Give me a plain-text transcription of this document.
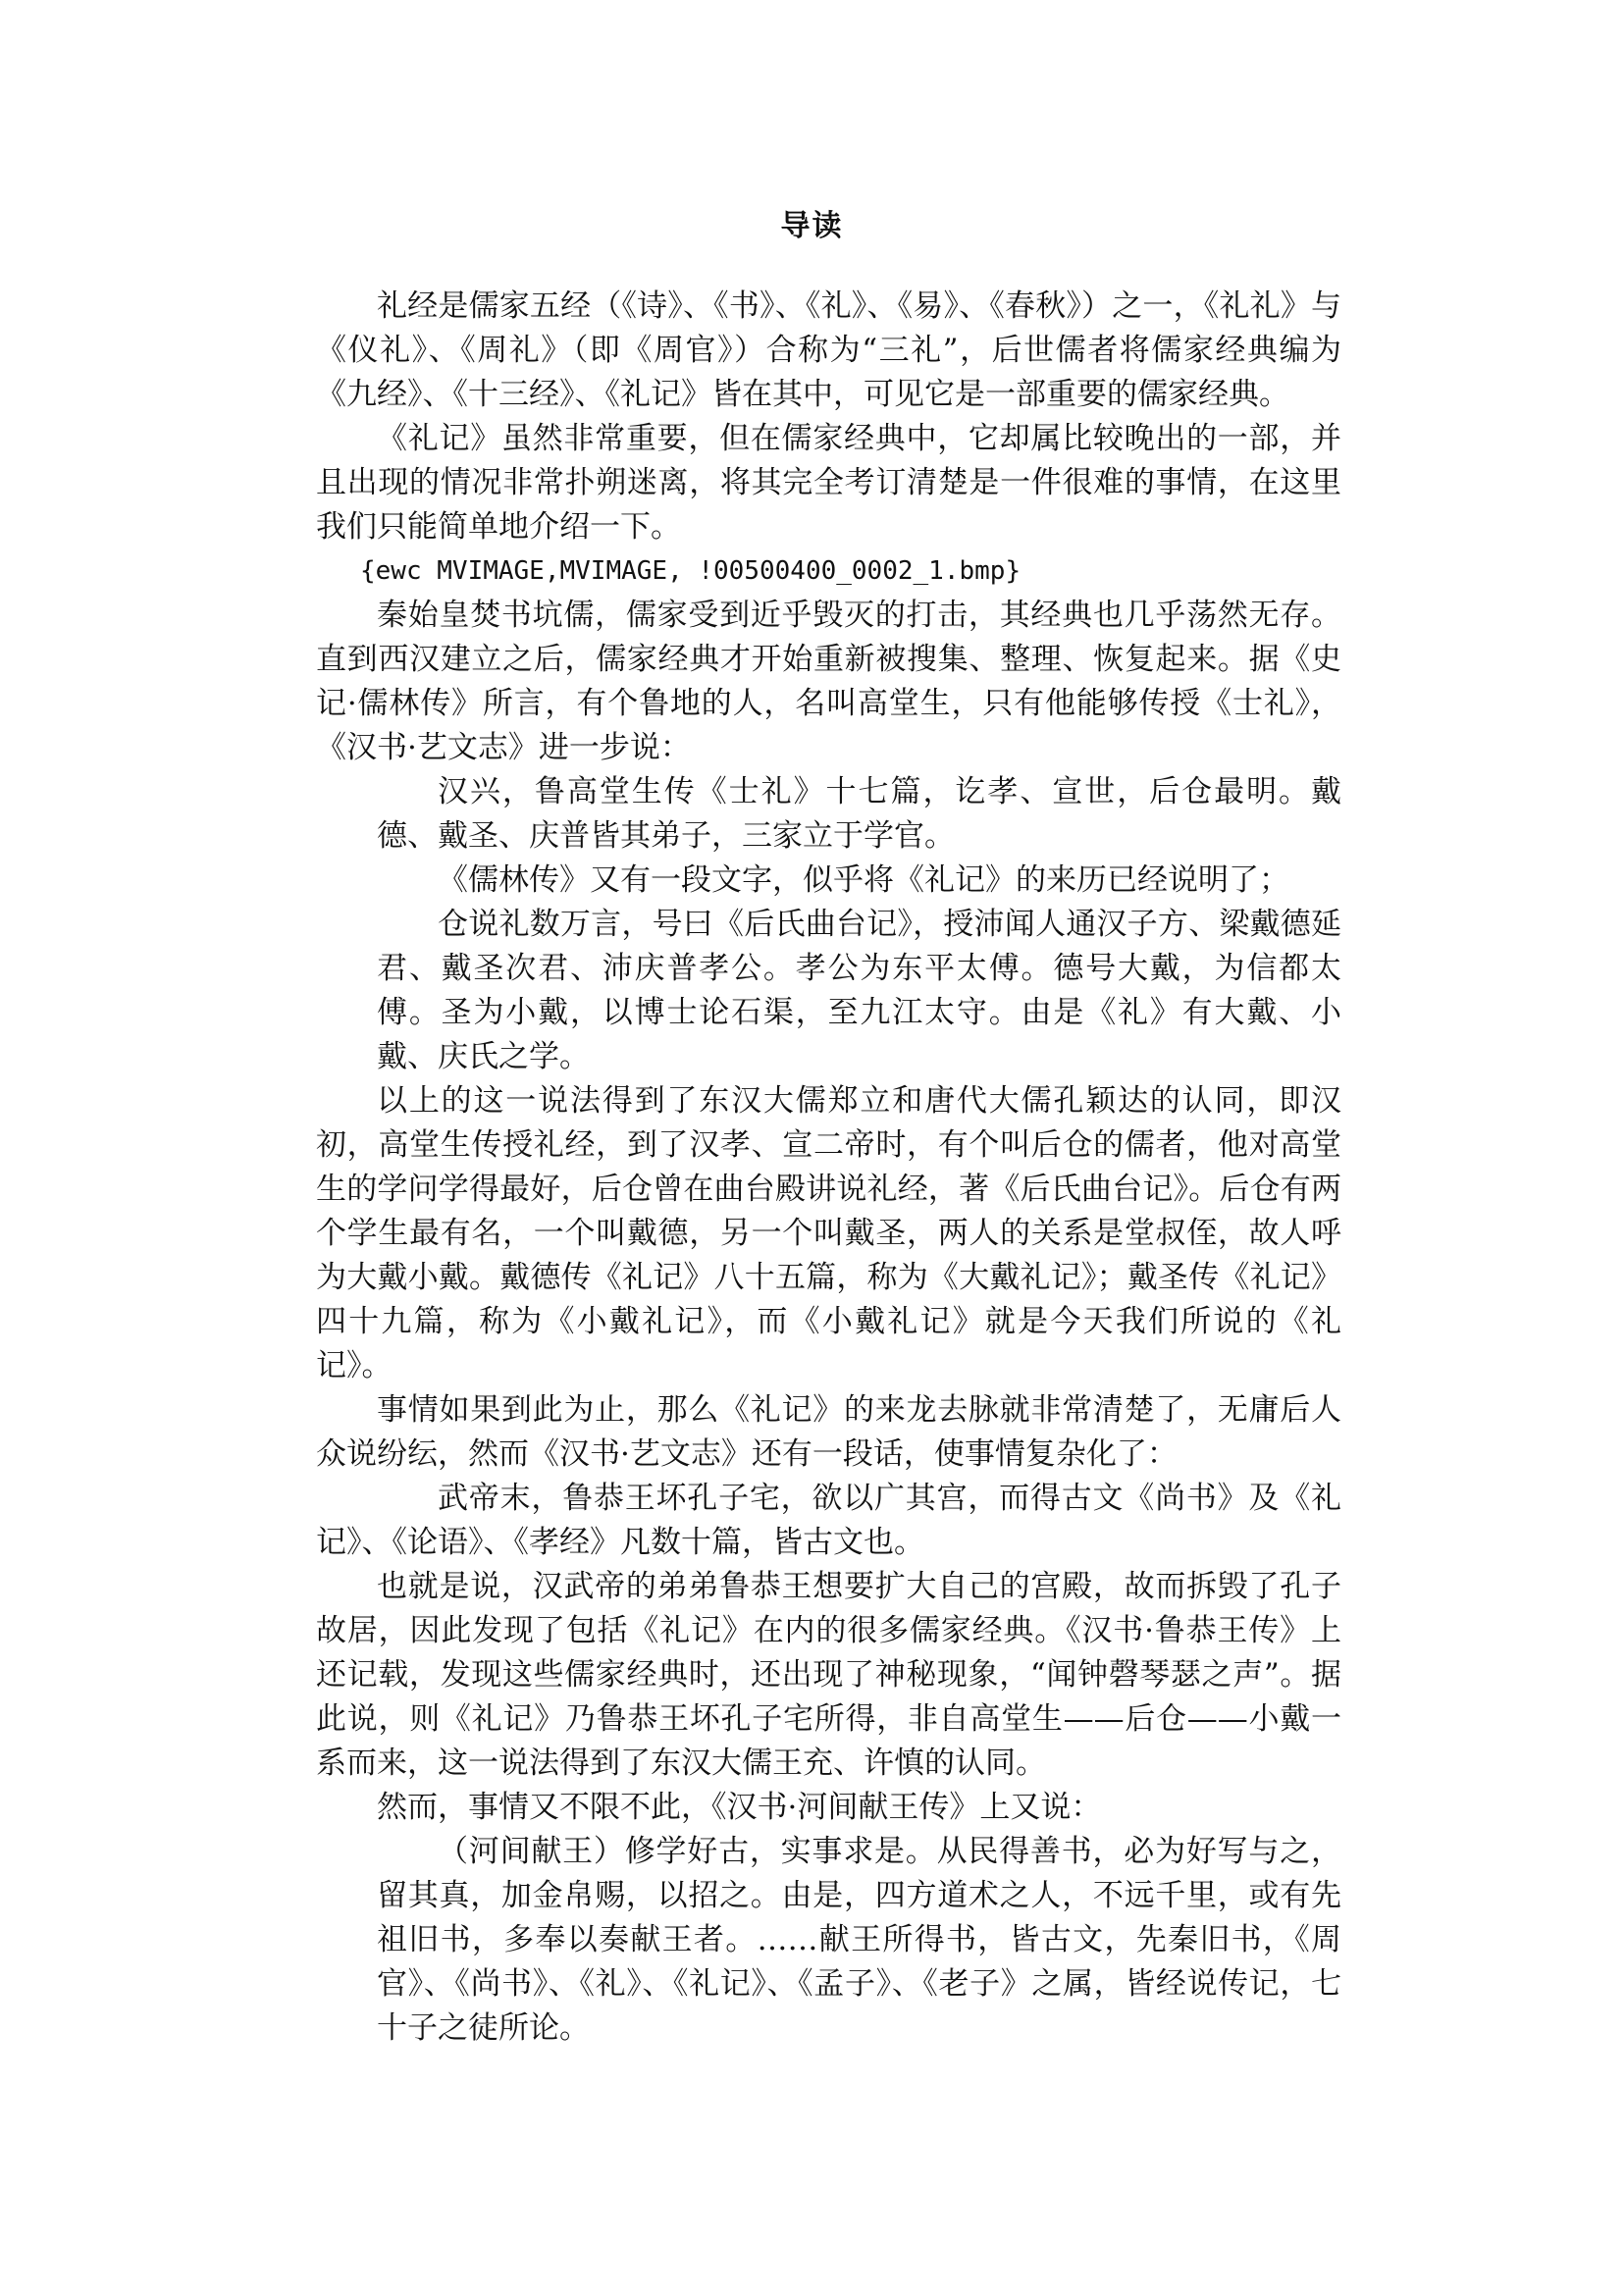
导读

礼经是儒家五经（《诗》、《书》、《礼》、《易》、《春秋》）之一，《礼礼》与《仪礼》、《周礼》（即《周官》）合称为“三礼”，后世儒者将儒家经典编为《九经》、《十三经》、《礼记》皆在其中，可见它是一部重要的儒家经典。

《礼记》虽然非常重要，但在儒家经典中，它却属比较晚出的一部，并且出现的情况非常扑朔迷离，将其完全考订清楚是一件很难的事情，在这里我们只能简单地介绍一下。

{ewc MVIMAGE,MVIMAGE, !00500400_0002_1.bmp}

秦始皇焚书坑儒，儒家受到近乎毁灭的打击，其经典也几乎荡然无存。直到西汉建立之后，儒家经典才开始重新被搜集、整理、恢复起来。据《史记·儒林传》所言，有个鲁地的人，名叫高堂生，只有他能够传授《士礼》，《汉书·艺文志》进一步说：

汉兴，鲁高堂生传《士礼》十七篇，讫孝、宣世，后仓最明。戴德、戴圣、庆普皆其弟子，三家立于学官。

《儒林传》又有一段文字，似乎将《礼记》的来历已经说明了；

仓说礼数万言，号曰《后氏曲台记》，授沛闻人通汉子方、梁戴德延君、戴圣次君、沛庆普孝公。孝公为东平太傅。德号大戴，为信都太傅。圣为小戴，以博士论石渠，至九江太守。由是《礼》有大戴、小戴、庆氏之学。

以上的这一说法得到了东汉大儒郑立和唐代大儒孔颖达的认同，即汉初，高堂生传授礼经，到了汉孝、宣二帝时，有个叫后仓的儒者，他对高堂生的学问学得最好，后仓曾在曲台殿讲说礼经，著《后氏曲台记》。后仓有两个学生最有名，一个叫戴德，另一个叫戴圣，两人的关系是堂叔侄，故人呼为大戴小戴。戴德传《礼记》八十五篇，称为《大戴礼记》；戴圣传《礼记》四十九篇，称为《小戴礼记》，而《小戴礼记》就是今天我们所说的《礼记》。

事情如果到此为止，那么《礼记》的来龙去脉就非常清楚了，无庸后人众说纷纭，然而《汉书·艺文志》还有一段话，使事情复杂化了：

武帝末，鲁恭王坏孔子宅，欲以广其宫，而得古文《尚书》及《礼记》、《论语》、《孝经》凡数十篇，皆古文也。

也就是说，汉武帝的弟弟鲁恭王想要扩大自己的宫殿，故而拆毁了孔子故居，因此发现了包括《礼记》在内的很多儒家经典。《汉书·鲁恭王传》上还记载，发现这些儒家经典时，还出现了神秘现象，“闻钟磬琴瑟之声”。据此说，则《礼记》乃鲁恭王坏孔子宅所得，非自高堂生——后仓——小戴一系而来，这一说法得到了东汉大儒王充、许慎的认同。

然而，事情又不限不此，《汉书·河间献王传》上又说：

（河间献王）修学好古，实事求是。从民得善书，必为好写与之，留其真，加金帛赐，以招之。由是，四方道术之人，不远千里，或有先祖旧书，多奉以奏献王者。……献王所得书，皆古文，先秦旧书，《周官》、《尚书》、《礼》、《礼记》、《孟子》、《老子》之属，皆经说传记，七十子之徒所论。
